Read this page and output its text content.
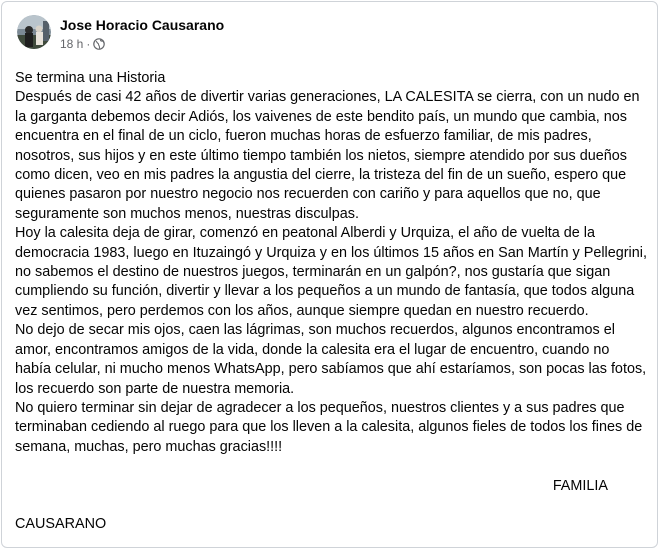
Jose Horacio Causarano
18 h ·

Se termina una Historia

Después de casi 42 años de divertir varias generaciones, LA CALESITA se cierra, con un nudo en la garganta debemos decir Adiós, los vaivenes de este bendito país, un mundo que cambia, nos encuentra en el final de un ciclo, fueron muchas horas de esfuerzo familiar, de mis padres, nosotros, sus hijos y en este último tiempo también los nietos, siempre atendido por sus dueños como dicen, veo en mis padres la angustia del cierre, la tristeza del fin de un sueño, espero que quienes pasaron por nuestro negocio nos recuerden con cariño y para aquellos que no, que seguramente son muchos menos, nuestras disculpas.

Hoy la calesita deja de girar, comenzó en peatonal Alberdi y Urquiza, el año de vuelta de la democracia 1983, luego en Ituzaingó y Urquiza y en los últimos 15 años en San Martín y Pellegrini, no sabemos el destino de nuestros juegos, terminarán en un galpón?, nos gustaría que sigan cumpliendo su función, divertir y llevar a los pequeños a un mundo de fantasía, que todos alguna vez sentimos, pero perdemos con los años, aunque siempre quedan en nuestro recuerdo.

No dejo de secar mis ojos, caen las lágrimas, son muchos recuerdos, algunos encontramos el amor, encontramos amigos de la vida, donde la calesita era el lugar de encuentro, cuando no había celular, ni mucho menos WhatsApp, pero sabíamos que ahí estaríamos, son pocas las fotos, los recuerdo son parte de nuestra memoria.

No quiero terminar sin dejar de agradecer a los pequeños, nuestros clientes y a sus padres que terminaban cediendo al ruego para que los lleven a la calesita, algunos fieles de todos los fines de semana, muchas, pero muchas gracias!!!!

FAMILIA

CAUSARANO
